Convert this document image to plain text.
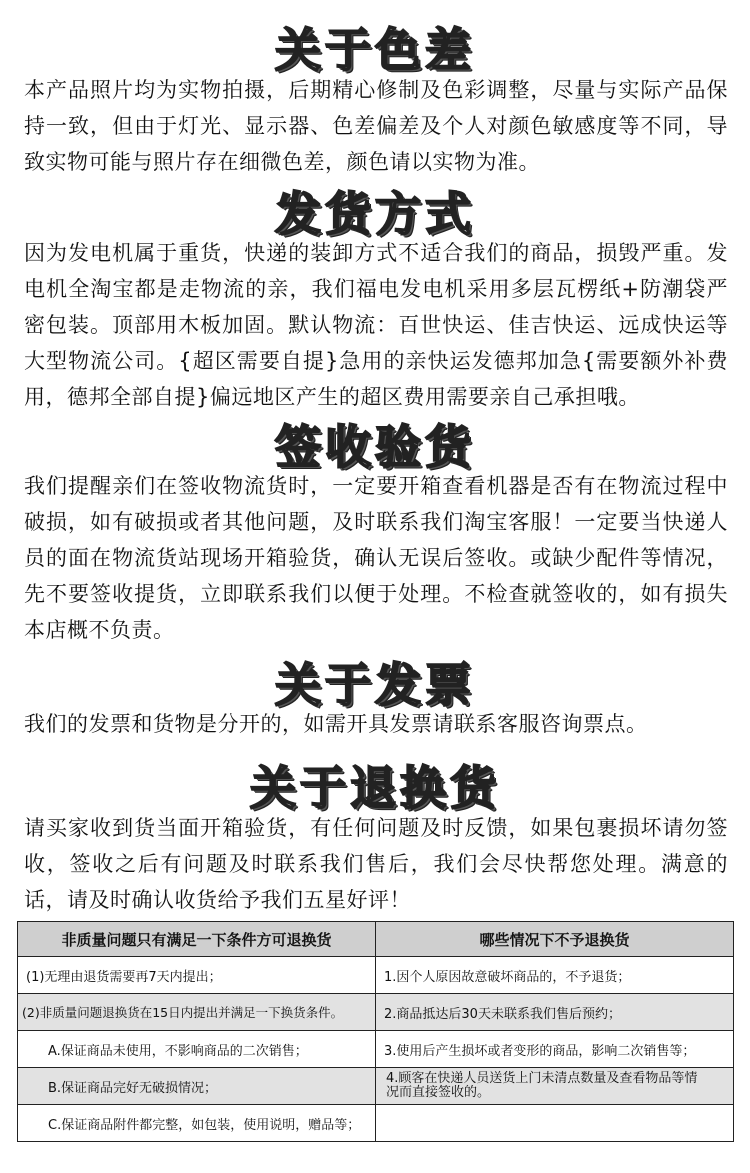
关于色差
本产品照片均为实物拍摄，后期精心修制及色彩调整，尽量与实际产品保持一致，但由于灯光、显示器、色差偏差及个人对颜色敏感度等不同，导致实物可能与照片存在细微色差，颜色请以实物为准。
发货方式
因为发电机属于重货，快递的装卸方式不适合我们的商品，损毁严重。发电机全淘宝都是走物流的亲，我们福电发电机采用多层瓦楞纸+防潮袋严密包装。顶部用木板加固。默认物流：百世快运、佳吉快运、远成快运等大型物流公司。{超区需要自提}急用的亲快运发德邦加急{需要额外补费用，德邦全部自提}偏远地区产生的超区费用需要亲自己承担哦。
签收验货
我们提醒亲们在签收物流货时，一定要开箱查看机器是否有在物流过程中破损，如有破损或者其他问题，及时联系我们淘宝客服！一定要当快递人员的面在物流货站现场开箱验货，确认无误后签收。或缺少配件等情况，先不要签收提货，立即联系我们以便于处理。不检查就签收的，如有损失本店概不负责。
关于发票
我们的发票和货物是分开的，如需开具发票请联系客服咨询票点。
关于退换货
请买家收到货当面开箱验货，有任何问题及时反馈，如果包裹损坏请勿签收，签收之后有问题及时联系我们售后，我们会尽快帮您处理。满意的话，请及时确认收货给予我们五星好评！
非质量问题只有满足一下条件方可退换货	哪些情况下不予退换货
(1)无理由退货需要再7天内提出；	1.因个人原因故意破坏商品的，不予退货；
(2)非质量问题退换货在15日内提出并满足一下换货条件。	2.商品抵达后30天未联系我们售后预约；
A.保证商品未使用，不影响商品的二次销售；	3.使用后产生损坏或者变形的商品，影响二次销售等；
B.保证商品完好无破损情况；	4.顾客在快递人员送货上门未清点数量及查看物品等情况而直接签收的。
C.保证商品附件都完整，如包装，使用说明，赠品等；	
